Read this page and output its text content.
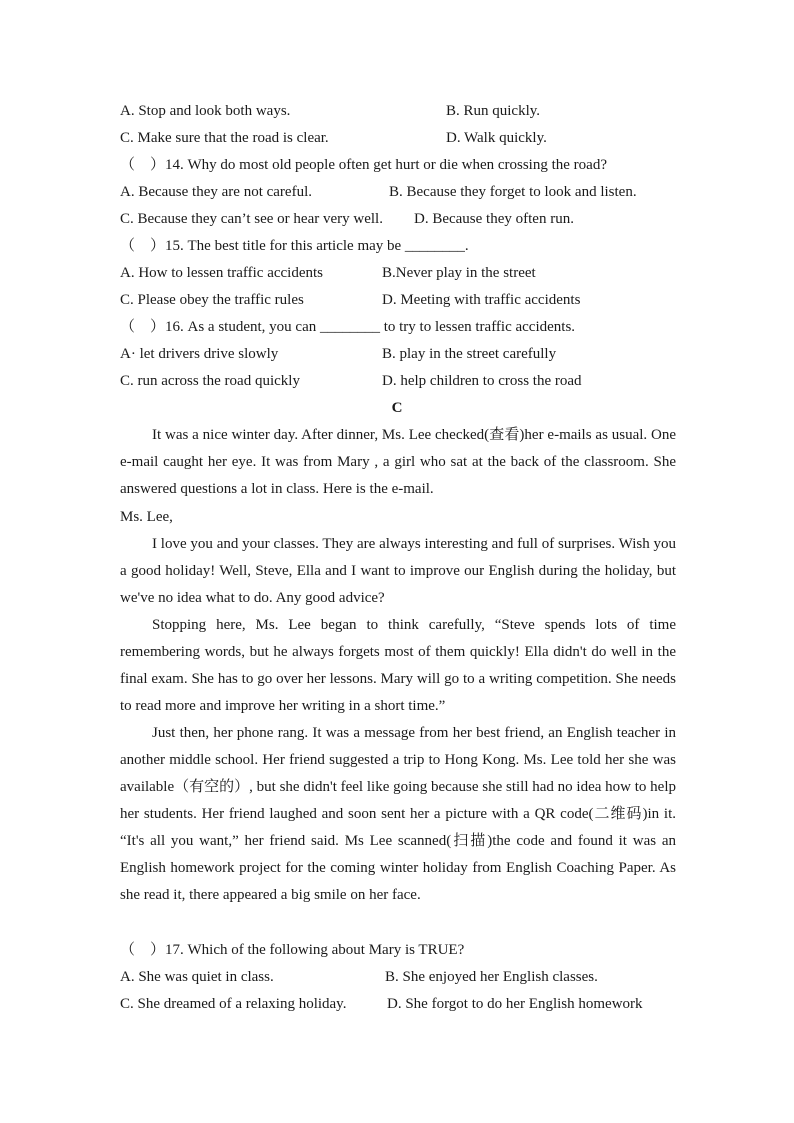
A. Stop and look both ways.	B. Run quickly.
C. Make sure that the road is clear.	D. Walk quickly.
（　）14. Why do most old people often get hurt or die when crossing the road?
A. Because they are not careful.	B. Because they forget to look and listen.
C. Because they can’t see or hear very well. D. Because they often run.
（　）15. The best title for this article may be ________.
A. How to lessen traffic accidents	B.Never play in the street
C. Please obey the traffic rules	D. Meeting with traffic accidents
（　）16. As a student, you can ________ to try to lessen traffic accidents.
A· let drivers drive slowly	B. play in the street carefully
C. run across the road quickly	D. help children to cross the road
C
It was a nice winter day. After dinner, Ms. Lee checked(查看)her e-mails as usual. One e-mail caught her eye. It was from Mary , a girl who sat at the back of the classroom. She answered questions a lot in class. Here is the e-mail.
Ms. Lee,
I love you and your classes. They are always interesting and full of surprises. Wish you a good holiday! Well, Steve, Ella and I want to improve our English during the holiday, but we've no idea what to do. Any good advice?
Stopping here, Ms. Lee began to think carefully, “Steve spends lots of time remembering words, but he always forgets most of them quickly! Ella didn't do well in the final exam. She has to go over her lessons. Mary will go to a writing competition. She needs to read more and improve her writing in a short time.”
Just then, her phone rang. It was a message from her best friend, an English teacher in another middle school. Her friend suggested a trip to Hong Kong. Ms. Lee told her she was available（有空的）, but she didn't feel like going because she still had no idea how to help her students. Her friend laughed and soon sent her a picture with a QR code(二维码)in it. “It's all you want,” her friend said. Ms Lee scanned(扫描)the code and found it was an English homework project for the coming winter holiday from English Coaching Paper. As she read it, there appeared a big smile on her face.
（　）17. Which of the following about Mary is TRUE?
A. She was quiet in class.	B. She enjoyed her English classes.
C. She dreamed of a relaxing holiday.	D. She forgot to do her English homework
